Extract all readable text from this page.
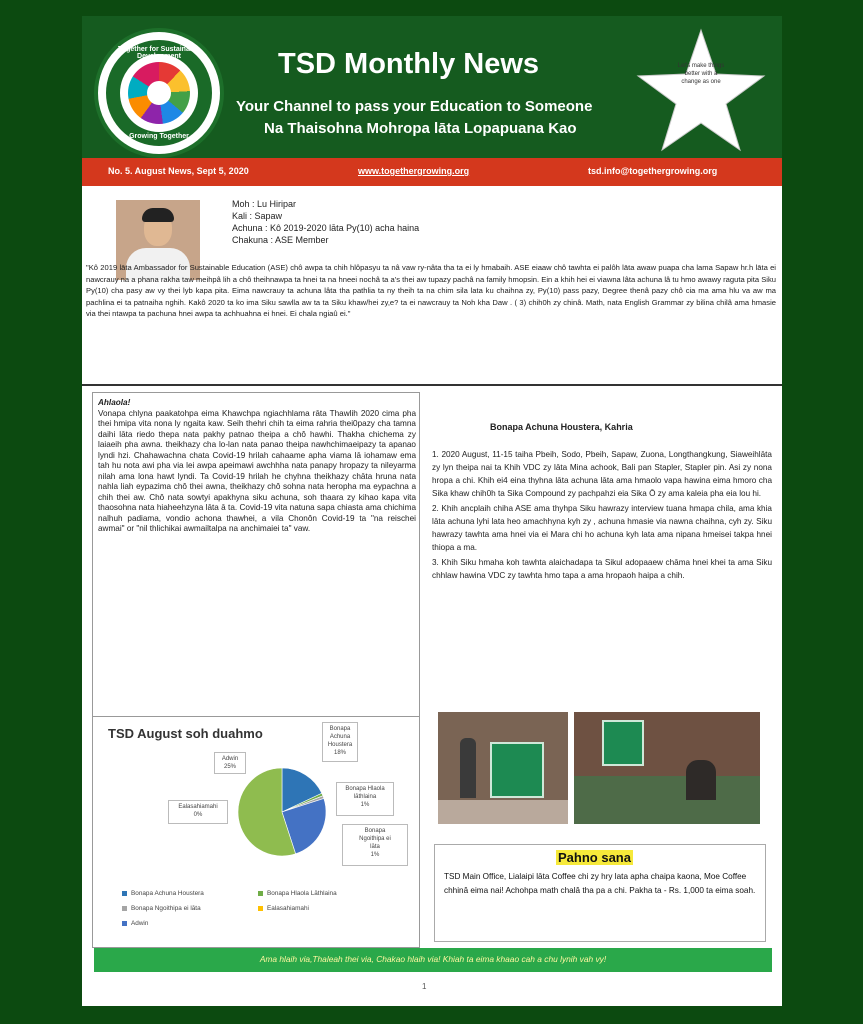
Together for Sustainable Development
Growing Together
TSD Monthly News
Your Channel to pass your Education to Someone
Na Thaisohna Mohropa lāta Lopapuana Kao
Let's make things better with a change as one
No. 5. August News, Sept 5, 2020	www.togethergrowing.org	tsd.info@togethergrowing.org
Moh : Lu Hiripar
Kali : Sapaw
Achuna : Kô 2019-2020 lāta Py(10) acha haina
Chakuna : ASE Member
"Kô 2019 lāta Ambassador for Sustainable Education (ASE) chô awpa ta chih hlôpasyu ta nâ vaw ry-nâta tha ta ei ly hmabaih. ASE eiaaw chô tawhta ei palôh lāta awaw puapa cha lama Sapaw hr.h lāta ei nawcrauy na a phana rakha taw meihpâ lih a chô theihnawpa ta hnei ta na hneei nochâ ta a's thei aw tupazy pachâ na family hmopsin. Ein a khih hei ei viawna lâta achuna lâ tu hmo awawy raguta pita Siku Py(10) cha pasy aw vy thei lyb kapa pita. Eima nawcrauy ta achuna lâta tha pathlia ta ny theih ta na chim sila lata ku chaihna zy, Py(10) pass pazy, Degree thenâ pazy chô cia ma ama hlu va aw ma pachlina ei ta patnaiha nghih. Kakô 2020 ta ko ima Siku sawlla aw ta ta Siku khaw/hei zy,e? ta ei nawcrauy ta Noh kha Daw . ( 3) chih0h zy chinâ. Math, nata English Grammar zy bilina chilâ ama hmasie via thei ntawpa ta pachuna hnei awpa ta achhuahna ei hnei. Ei chala ngiaû ei."
Ahlaola!
Vonapa chlyna paakatohpa eima Khawchpa ngiachhlama rāta Thawlih 2020 cima pha thei hmipa vita nona ly ngaita kaw. Seih thehri chih ta eima rahria thei0pazy cha tamna daihi lāta riedo thepa nata pakhy patnao theipa a chô hawhi. Thakha chichema zy laiaeih pha awna. theikhazy cha lo-lan nata panao theipa nawhchimaeipazy ta apanao lyndi hzi. Chahawachna chata Covid-19 hrilah cahaame apha viama lā iohamaw ema tah hu nota awi pha via lei awpa apeimawi awchhha nata panapy hropazy ta nileyarma nilah ama lona hawt lyndi. Ta Covid-19 hrilah he chyhna theikhazy chāta hruna nata nahla liah eypazima chô thei awna, theikhazy chô sohna nata heropha ma eypachna a chih thei aw. Chô nata sowtyi apakhyna siku achuna, soh thaara zy kihao kapa vita thaosohna nata hiaheehzyna lāta ā ta. Covid-19 vita natuna sapa chiasta ama chichima nalhuh padiama, vondio achona thawhei, a vila Chonôn Covid-19 ta "na reischei awmai" or "nil thlichikai awmailtalpa na anchimaiei ta" vaw.
TSD August soh duahmo
Adwin
25%
Ealasahiamahi
0%
Bonapa
Achuna
Houstera
18%
Bonapa Hlaola
lāthlaina
1%
Bonapa
Ngoithipa ei
lāta
1%
Bonapa Achuna Houstera	Bonapa Hlaola LāthlainaBonapa Ngoithipa ei lāta	EalasahiamahiAdwin
Bonapa Achuna Houstera, Kahria

1. 2020 August, 11-15 taiha Pbeih, Sodo, Pbeih, Sapaw, Zuona, Longthangkung, Siaweihlāta zy lyn theipa nai ta Khih VDC zy lāta Mina achook, Bali pan Stapler, Stapler pin. Asi zy nona hropa a chi. Khih ei4 eina thyhna lāta achuna lāta ama hmaolo vapa hawina eima hmoro cha Sika khaw chih0h ta Sika Compound zy pachpahzi eia Sika Ō zy ama kaleia pha eia lou hi.

2. Khih ancplaih chiha ASE ama thyhpa Siku hawrazy interview tuana hmapa chila, ama khia lāta achuna lyhi lata heo amachhyna kyh zy , achuna hmasie via nawna chaihna, cyh zy. Siku hawrazy tawhta ama hnei via ei Mara chi ho achuna kyh lata ama nipana hmeisei takpa hnei thiopa a ma.

3. Khih Siku hmaha koh tawhta alaichadapa ta Sikul adopaaew chāma hnei khei ta ama Siku chhlaw hawina VDC zy tawhta hmo tapa a ama hropaoh haipa a chih.

Pahno sana
TSD Main Office, Lialaipi lāta Coffee chi zy hry lata apha chaipa kaona, Moe Coffee chhinâ eima nai! Achohpa math chalâ tha pa a chi. Pakha ta - Rs. 1,000 ta eima soah.
Ama hlaih via,Thaleah thei via, Chakao hlaih via! Khiah ta eima khaao cah a chu lynih vah vy!
1
